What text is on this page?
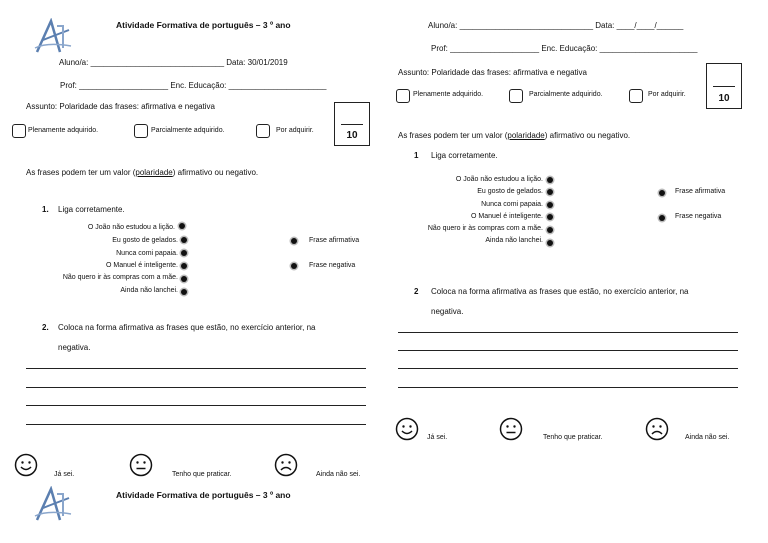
Atividade Formativa de português – 3 º ano
Aluno/a: ______________________________ Data: 30/01/2019
Prof: ____________________ Enc. Educação: ______________________
Assunto: Polaridade das frases: afirmativa e negativa
10
Plenamente adquirido.	Parcialmente adquirido.	Por adquirir.
As frases podem ter um valor (polaridade) afirmativo ou negativo.
1. Liga corretamente.
O João não estudou a lição.
Eu gosto de gelados.
Nunca comi papaia.
O Manuel é inteligente.
Não quero ir às compras com a mãe.
Ainda não lanchei.
Frase afirmativa
Frase negativa
2. Coloca na forma afirmativa as frases que estão, no exercício anterior, na
negativa.
Já sei.	Tenho que praticar.	Ainda não sei.
Atividade Formativa de português – 3 º ano
Aluno/a: ______________________________ Data: ____/____/______
Prof: ____________________ Enc. Educação: ______________________
Assunto: Polaridade das frases: afirmativa e negativa
10
Plenamente adquirido.	Parcialmente adquirido.	Por adquirir.
As frases podem ter um valor (polaridade) afirmativo ou negativo.
1 Liga corretamente.
O João não estudou a lição.
Eu gosto de gelados.
Nunca comi papaia.
O Manuel é inteligente.
Não quero ir às compras com a mãe.
Ainda não lanchei.
Frase afirmativa
Frase negativa
2 Coloca na forma afirmativa as frases que estão, no exercício anterior, na
negativa.
Já sei.	Tenho que praticar.	Ainda não sei.
